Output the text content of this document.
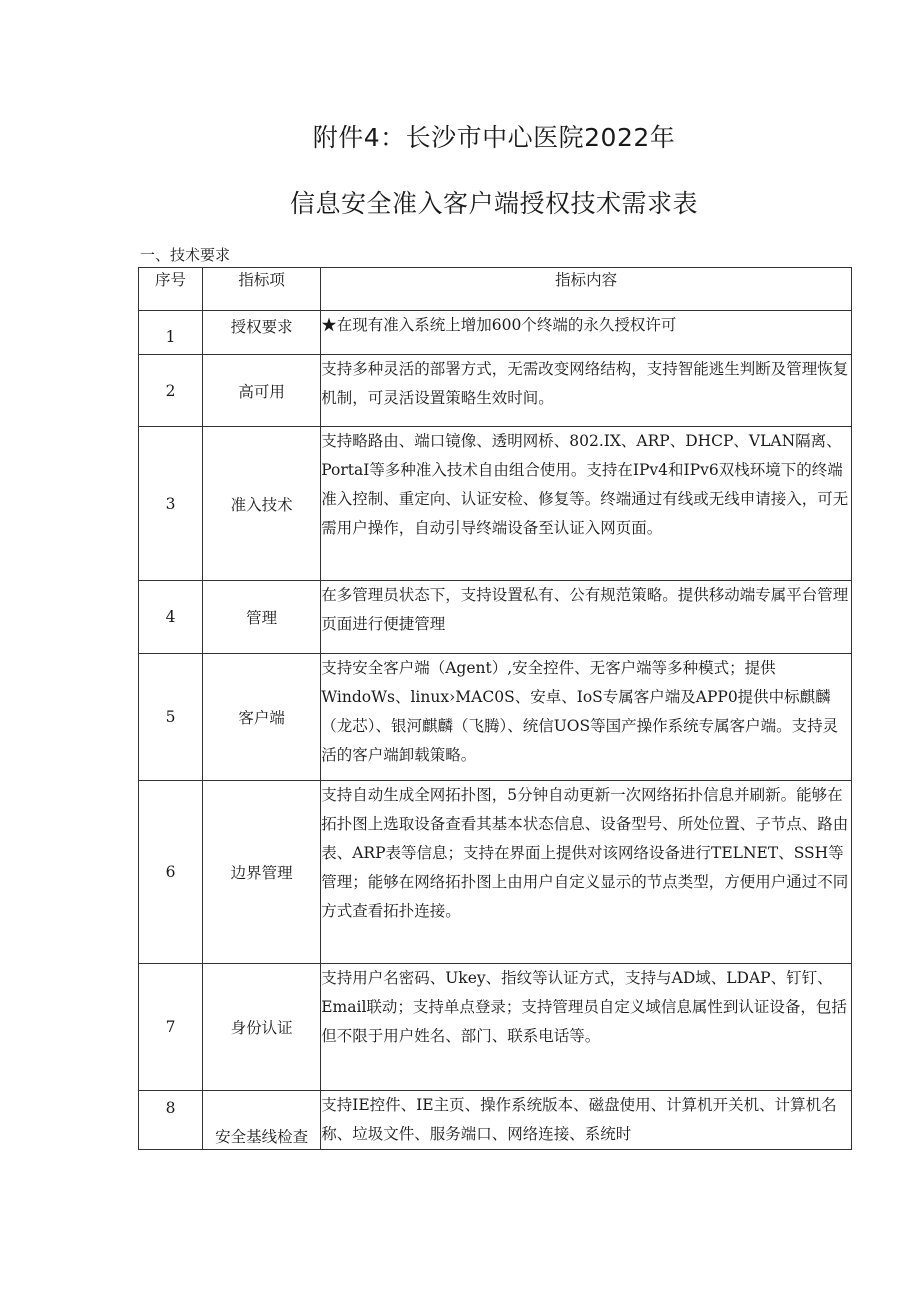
附件4：长沙市中心医院2022年
信息安全准入客户端授权技术需求表
一、技术要求
序号	指标项	指标内容
1	授权要求	★在现有准入系统上增加600个终端的永久授权许可
2	高可用	支持多种灵活的部署方式，无需改变网络结构，支持智能逃生判断及管理恢复机制，可灵活设置策略生效时间。
3	准入技术	支持略路由、端口镜像、透明网桥、802.IX、ARP、DHCP、VLAN隔离、PortaI等多种准入技术自由组合使用。支持在IPv4和IPv6双栈环境下的终端准入控制、重定向、认证安检、修复等。终端通过有线或无线申请接入，可无需用户操作，自动引导终端设备至认证入网页面。
4	管理	在多管理员状态下，支持设置私有、公有规范策略。提供移动端专属平台管理页面进行便捷管理
5	客户端	支持安全客户端（Agent）,安全控件、无客户端等多种模式；提供WindoWs、linux›MAC0S、安卓、IoS专属客户端及APP0提供中标麒麟（龙芯）、银河麒麟（飞腾）、统信UOS等国产操作系统专属客户端。支持灵活的客户端卸载策略。
6	边界管理	支持自动生成全网拓扑图，5分钟自动更新一次网络拓扑信息并刷新。能够在拓扑图上选取设备查看其基本状态信息、设备型号、所处位置、子节点、路由表、ARP表等信息；支持在界面上提供对该网络设备进行TELNET、SSH等管理；能够在网络拓扑图上由用户自定义显示的节点类型，方便用户通过不同方式查看拓扑连接。
7	身份认证	支持用户名密码、Ukey、指纹等认证方式，支持与AD域、LDAP、钉钉、Email联动；支持单点登录；支持管理员自定义域信息属性到认证设备，包括但不限于用户姓名、部门、联系电话等。
8	安全基线检查	支持IE控件、IE主页、操作系统版本、磁盘使用、计算机开关机、计算机名称、垃圾文件、服务端口、网络连接、系统时
